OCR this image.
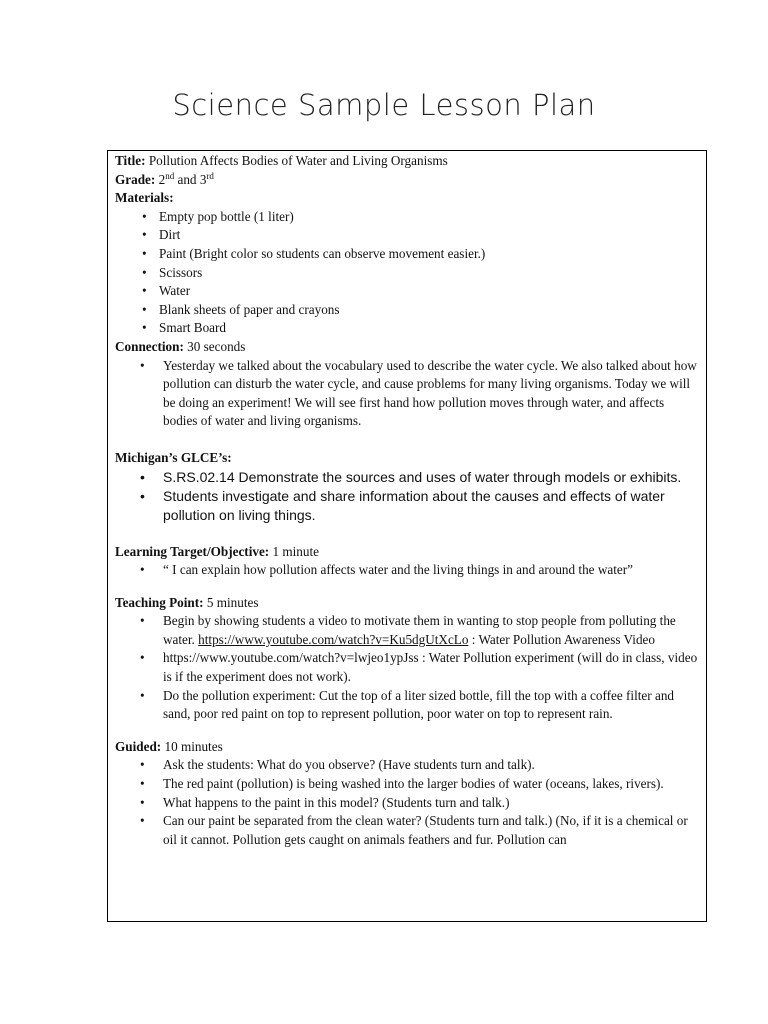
Science Sample Lesson Plan

Title: Pollution Affects Bodies of Water and Living Organisms

Grade: 2nd and 3rd

Materials:

• Empty pop bottle (1 liter)
• Dirt
• Paint (Bright color so students can observe movement easier.)
• Scissors
• Water
• Blank sheets of paper and crayons
• Smart Board

Connection: 30 seconds

• Yesterday we talked about the vocabulary used to describe the water cycle. We also talked about how pollution can disturb the water cycle, and cause problems for many living organisms. Today we will be doing an experiment! We will see first hand how pollution moves through water, and affects bodies of water and living organisms.

Michigan’s GLCE’s:

• S.RS.02.14 Demonstrate the sources and uses of water through models or exhibits.
• Students investigate and share information about the causes and effects of water pollution on living things.

Learning Target/Objective: 1 minute

• “ I can explain how pollution affects water and the living things in and around the water”

Teaching Point: 5 minutes

• Begin by showing students a video to motivate them in wanting to stop people from polluting the water. https://www.youtube.com/watch?v=Ku5dgUtXcLo : Water Pollution Awareness Video
• https://www.youtube.com/watch?v=lwjeo1ypJss : Water Pollution experiment (will do in class, video is if the experiment does not work).
• Do the pollution experiment: Cut the top of a liter sized bottle, fill the top with a coffee filter and sand, poor red paint on top to represent pollution, poor water on top to represent rain.

Guided: 10 minutes

• Ask the students: What do you observe? (Have students turn and talk).
• The red paint (pollution) is being washed into the larger bodies of water (oceans, lakes, rivers).
• What happens to the paint in this model? (Students turn and talk.)
• Can our paint be separated from the clean water? (Students turn and talk.) (No, if it is a chemical or oil it cannot. Pollution gets caught on animals feathers and fur. Pollution can
